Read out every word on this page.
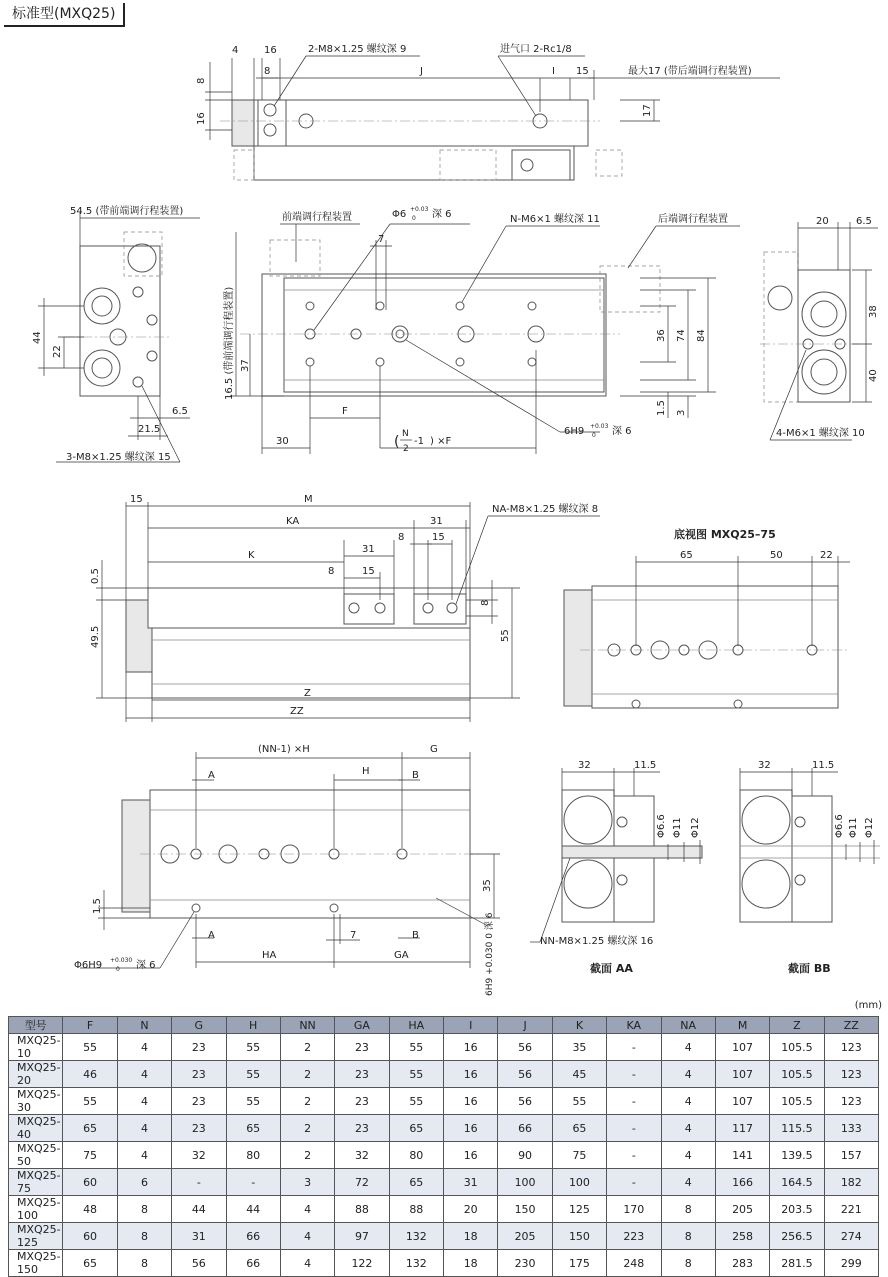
标准型(MXQ25)
4	16
8
8
16
J	I 15
17
2-M8×1.25 螺纹深 9	进气口 2-Rc1/8
最大17 (带后端调行程装置)
54.5 (带前端调行程装置)
44
22
6.5
21.5
3-M8×1.25 螺纹深 15
前端调行程装置	Φ6 +0.03
0 深 6	N-M6×1 螺纹深 11	后端调行程装置
7
16.5 (带前端调行程装置) 37
F
30
36 74 84
1.5 3
( N
2
-1 ) ×F
6H9 +0.03
0 深 6
20	6.5
38
40
4-M6×1 螺纹深 10
15	M
KA	31
K
8	15
31
8	15
0.5
49.5	55
8
Z
ZZ
NA-M8×1.25 螺纹深 8
底视图 MXQ25–75
65	50	22
(NN-1) ×H	G
A	H	B
35
1.5
A	7	B
HA	GA
Φ6H9 +0.030
0 深 6	6H9 +0.030 0 深 6
32	11.5
Φ6.6 Φ11 Φ12
NN-M8×1.25 螺纹深 16
截面 AA
32	11.5
Φ6.6 Φ11 Φ12
截面 BB
(mm)
型号	F	N	G	H	NN	GA	HA	I	J	K	KA	NA	M	Z	ZZ
MXQ25- 10	55	4	23	55	2	23	55	16	56	35	-	4	107	105.5	123
MXQ25- 20	46	4	23	55	2	23	55	16	56	45	-	4	107	105.5	123
MXQ25- 30	55	4	23	55	2	23	55	16	56	55	-	4	107	105.5	123
MXQ25- 40	65	4	23	65	2	23	65	16	66	65	-	4	117	115.5	133
MXQ25- 50	75	4	32	80	2	32	80	16	90	75	-	4	141	139.5	157
MXQ25- 75	60	6	-	-	3	72	65	31	100	100	-	4	166	164.5	182
MXQ25-100	48	8	44	44	4	88	88	20	150	125	170	8	205	203.5	221
MXQ25-125	60	8	31	66	4	97	132	18	205	150	223	8	258	256.5	274
MXQ25-150	65	8	56	66	4	122	132	18	230	175	248	8	283	281.5	299
